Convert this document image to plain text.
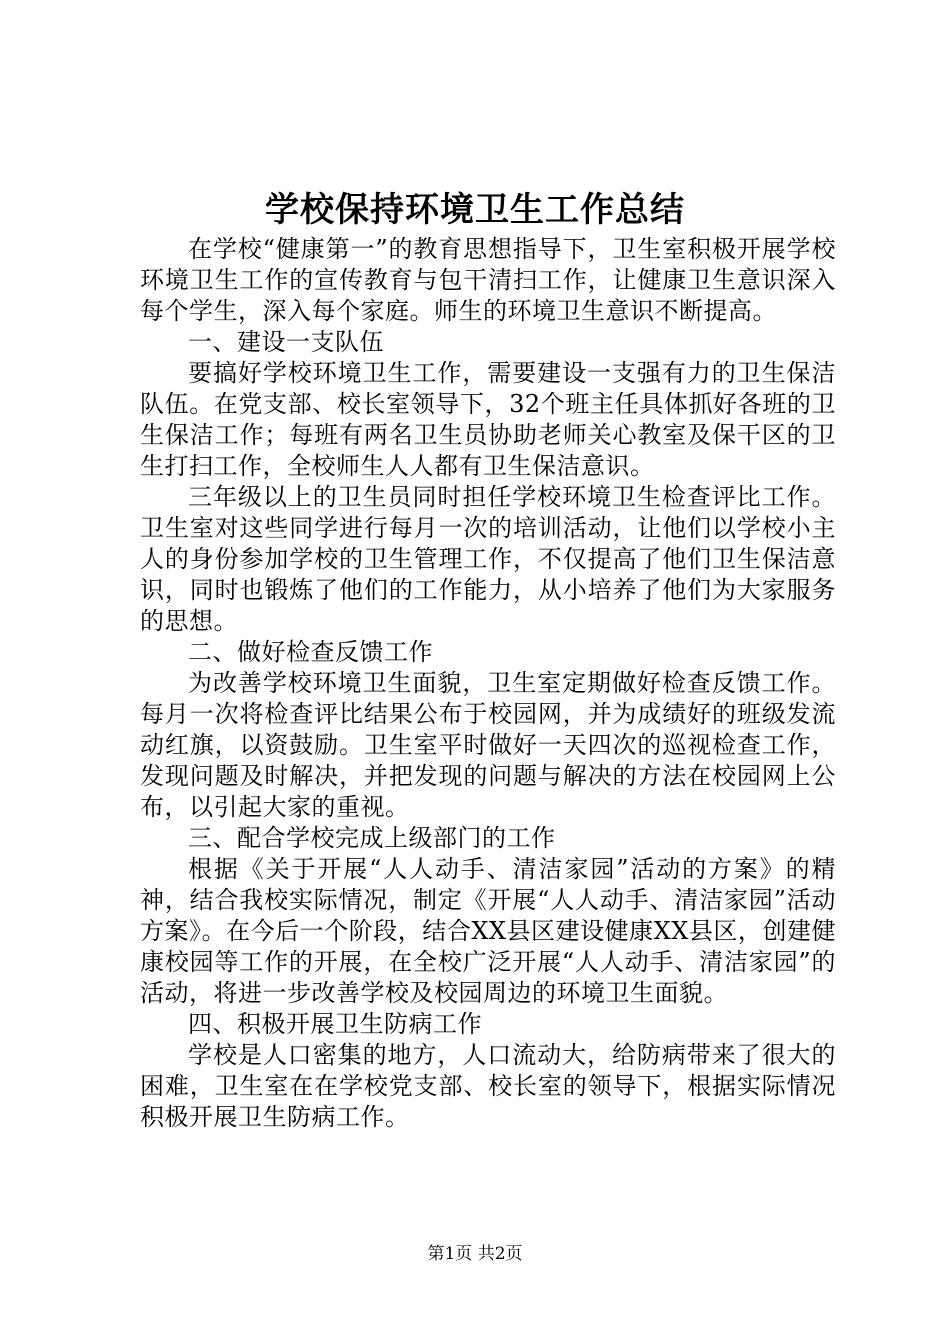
学校保持环境卫生工作总结

在学校“健康第一”的教育思想指导下，卫生室积极开展学校环境卫生工作的宣传教育与包干清扫工作，让健康卫生意识深入每个学生，深入每个家庭。师生的环境卫生意识不断提高。

一、建设一支队伍

要搞好学校环境卫生工作，需要建设一支强有力的卫生保洁队伍。在党支部、校长室领导下，32个班主任具体抓好各班的卫生保洁工作；每班有两名卫生员协助老师关心教室及保干区的卫生打扫工作，全校师生人人都有卫生保洁意识。

三年级以上的卫生员同时担任学校环境卫生检查评比工作。卫生室对这些同学进行每月一次的培训活动，让他们以学校小主人的身份参加学校的卫生管理工作，不仅提高了他们卫生保洁意识，同时也锻炼了他们的工作能力，从小培养了他们为大家服务的思想。

二、做好检查反馈工作

为改善学校环境卫生面貌，卫生室定期做好检查反馈工作。每月一次将检查评比结果公布于校园网，并为成绩好的班级发流动红旗，以资鼓励。卫生室平时做好一天四次的巡视检查工作，发现问题及时解决，并把发现的问题与解决的方法在校园网上公布，以引起大家的重视。

三、配合学校完成上级部门的工作

根据《关于开展“人人动手、清洁家园”活动的方案》的精神，结合我校实际情况，制定《开展“人人动手、清洁家园”活动方案》。在今后一个阶段，结合XX县区建设健康XX县区，创建健康校园等工作的开展，在全校广泛开展“人人动手、清洁家园”的活动，将进一步改善学校及校园周边的环境卫生面貌。

四、积极开展卫生防病工作

学校是人口密集的地方，人口流动大，给防病带来了很大的困难，卫生室在在学校党支部、校长室的领导下，根据实际情况积极开展卫生防病工作。

第1页 共2页
